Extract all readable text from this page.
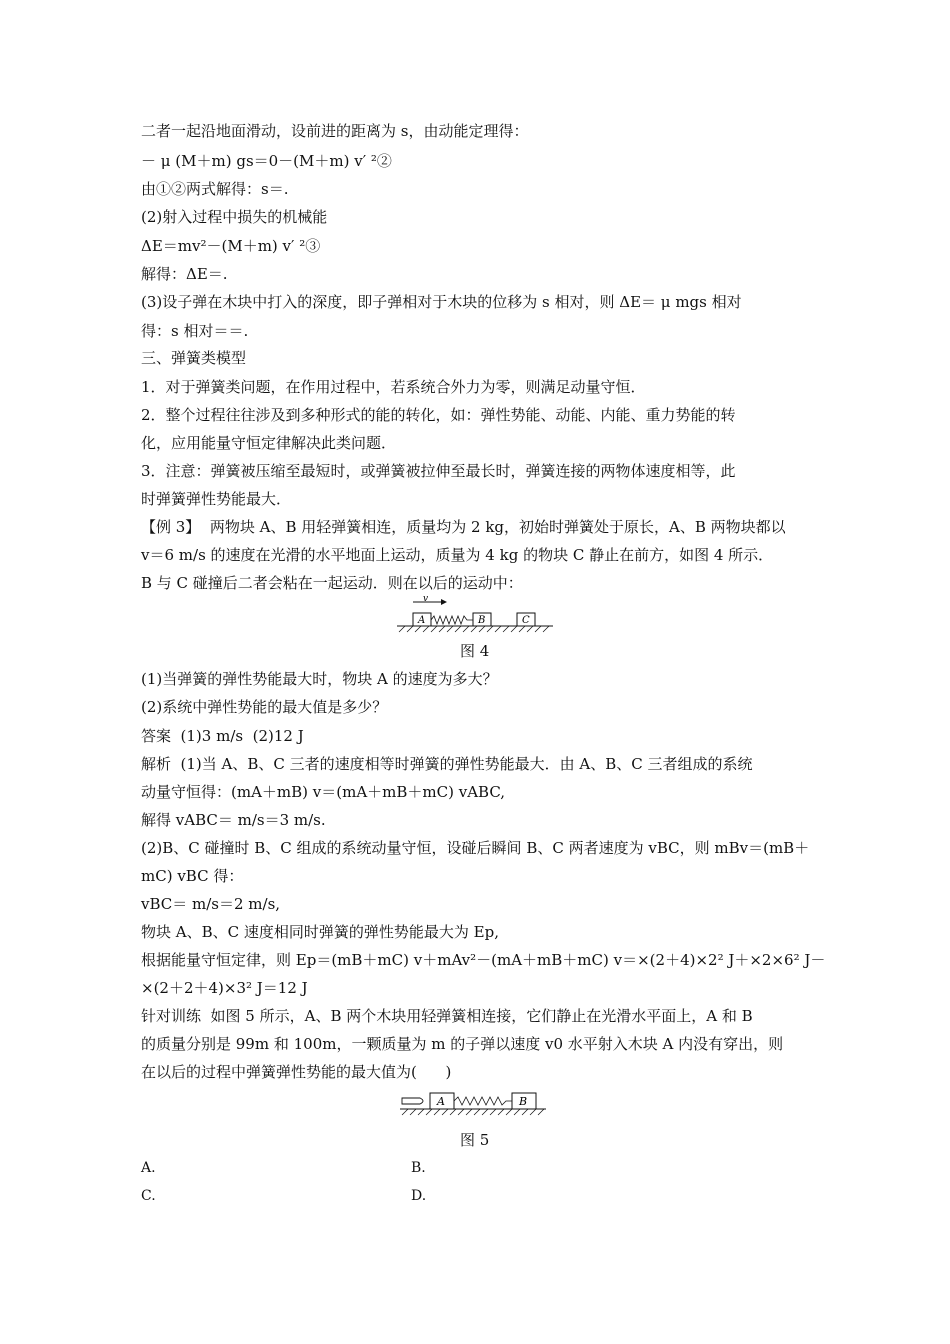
二者一起沿地面滑动，设前进的距离为 s，由动能定理得：
－ μ (M＋m) gs＝0－(M＋m) v′ ²②
由①②两式解得：s＝.
(2)射入过程中损失的机械能
ΔE＝mv²－(M＋m) v′ ²③
解得：ΔE＝.
(3)设子弹在木块中打入的深度，即子弹相对于木块的位移为 s 相对，则 ΔE＝ μ mgs 相对
得：s 相对＝＝.
三、弹簧类模型
1．对于弹簧类问题，在作用过程中，若系统合外力为零，则满足动量守恒．
2．整个过程往往涉及到多种形式的能的转化，如：弹性势能、动能、内能、重力势能的转
化，应用能量守恒定律解决此类问题．
3．注意：弹簧被压缩至最短时，或弹簧被拉伸至最长时，弹簧连接的两物体速度相等，此
时弹簧弹性势能最大．
【例 3】  两物块 A、B 用轻弹簧相连，质量均为 2 kg，初始时弹簧处于原长，A、B 两物块都以
v＝6 m/s 的速度在光滑的水平地面上运动，质量为 4 kg 的物块 C 静止在前方，如图 4 所示．
B 与 C 碰撞后二者会粘在一起运动．则在以后的运动中：
v
A	B	C
图 4
(1)当弹簧的弹性势能最大时，物块 A 的速度为多大？
(2)系统中弹性势能的最大值是多少？
答案  (1)3 m/s  (2)12 J
解析  (1)当 A、B、C 三者的速度相等时弹簧的弹性势能最大．由 A、B、C 三者组成的系统
动量守恒得：(mA＋mB) v＝(mA＋mB＋mC) vABC,
解得 vABC＝ m/s＝3 m/s.
(2)B、C 碰撞时 B、C 组成的系统动量守恒，设碰后瞬间 B、C 两者速度为 vBC，则 mBv＝(mB＋
mC) vBC 得：
vBC＝ m/s＝2 m/s,
物块 A、B、C 速度相同时弹簧的弹性势能最大为 Ep,
根据能量守恒定律，则 Ep＝(mB＋mC) v＋mAv²－(mA＋mB＋mC) v＝×(2＋4)×2² J＋×2×6² J－
×(2＋2＋4)×3² J＝12 J
针对训练  如图 5 所示，A、B 两个木块用轻弹簧相连接，它们静止在光滑水平面上，A 和 B
的质量分别是 99m 和 100m，一颗质量为 m 的子弹以速度 v0 水平射入木块 A 内没有穿出，则
在以后的过程中弹簧弹性势能的最大值为(      )
A	B
图 5
A.	B.
C.	D.
